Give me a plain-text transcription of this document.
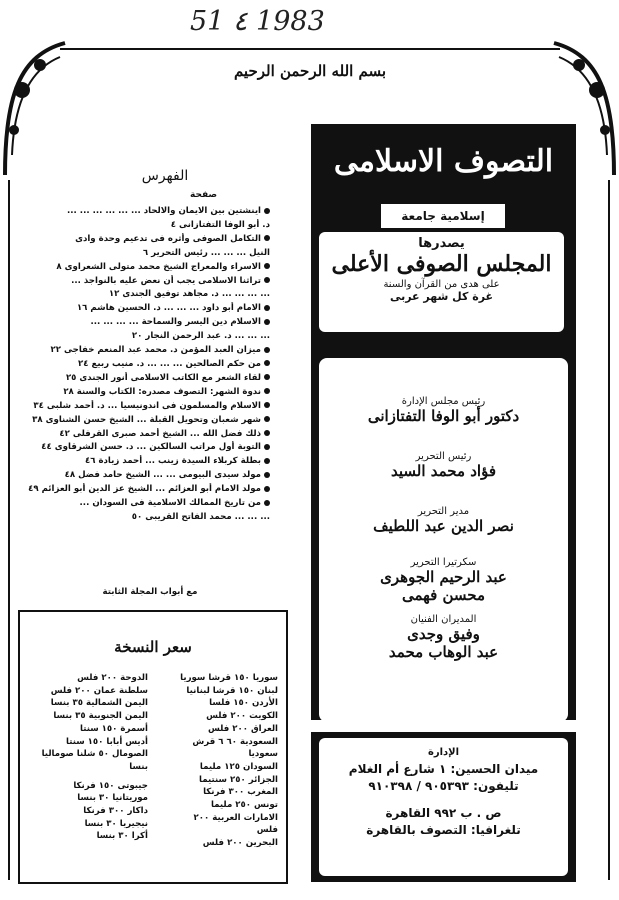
51 ٤ 1983
بسم الله الرحمن الرحيم
التصوف الاسلامى
إسلامية جامعة
يصدرها
المجلس الصوفى الأعلى
على هدى من القرآن والسنة
غرة كل شهر عربى
رئيس مجلس الإدارة
دكتور أبو الوفا التفتازانى
رئيس التحرير
فؤاد محمد السيد
مدير التحرير
نصر الدين عبد اللطيف
سكرتيرا التحرير
عبد الرحيم الجوهرى
محسن فهمى
المديران الفنيان
وفيق وجدى
عبد الوهاب محمد
الإدارة
ميدان الحسين: ١ شارع أم الغلام
تليفون: ٩٠٥٣٩٣ / ٩١٠٣٩٨
ص . ب ٩٩٢ القاهرة
تلغرافيا: التصوف بالقاهرة
الفهرس
صفحة
اينشتين بين الايمان والالحاد ... ... ... ... ... ...
د. أبو الوفا التفتازانى ٤
التكامل الصوفى وأثره فى تدعيم وحدة وادى
النيل ... ... ... رئيس التحرير ٦
الاسراء والمعراج الشيخ محمد متولى الشعراوى ٨
تراثنا الاسلامى يجب أن نعض عليه بالنواجذ ...
... ... ... ... د. مجاهد توفيق الجندى ١٢
الامام أبو داود ... ... ... د. الحسين هاشم ١٦
الاسلام دين اليسر والسماحة ... ... ... ...
... ... ... د. عبد الرحمن النجار ٢٠
ميزان العبد المؤمن د. محمد عبد المنعم خفاجى ٢٢
من حكم الصالحين ... ... ... د. منيب ربيع ٢٤
لقاء الشعر مع الكاتب الاسلامى أنور الجندى ٢٥
ندوة الشهر: التصوف مصدره: الكتاب والسنة ٢٨
الاسلام والمسلمون فى اندونيسيا ... د. أحمد شلبى ٣٤
شهر شعبان وتحويل القبلة ... الشيخ حسن الشناوى ٣٨
ذلك فضل الله ... الشيخ أحمد صبرى القرفلى ٤٢
التوبة أول مراتب السالكين ... د. حسن الشرقاوى ٤٤
بطلة كربلاء السيدة زينب ... أحمد زيادة ٤٦
مولد سيدى البيومى ... ... الشيخ حامد فضل ٤٨
مولد الامام أبو العزائم ... الشيخ عز الدين أبو العزائم ٤٩
من تاريخ الممالك الاسلامية فى السودان ...
... ... ... محمد الفاتح القريبى ٥٠
مع أبواب المجلة الثابتة
سعر النسخة
سوريا ١٥٠ قرشا سوريا
لبنان ١٥٠ قرشا لبنانيا
الأردن ١٥٠ فلسا
الكويت ٢٠٠ فلس
العراق ٢٠٠ فلس
السعودية ٦٠ ٦ قرش
سعوديا
السودان ١٢٥ مليما
الجزائر ٢٥٠ سنتيما
المغرب ٣٠٠ فرنكا
تونس ٢٥٠ مليما
الامارات العربية ٢٠٠
فلس
البحرين ٢٠٠ فلس
الدوحة ٢٠٠ فلس
سلطنة عمان ٢٠٠ فلس
اليمن الشمالية ٣٥ بنسا
اليمن الجنوبية ٣٥ بنسا
أسمرة ١٥٠ سنتا
أديس أبابا ١٥٠ سنتا
الصومال ٥٠ شلنا صوماليا
بنسا
جيبوتى ١٥٠ فرنكا
موريتانيا ٣٠ بنسا
داكار ٣٠٠ فرنكا
نيجيريا ٣٠ بنسا
أكرا ٣٠ بنسا
